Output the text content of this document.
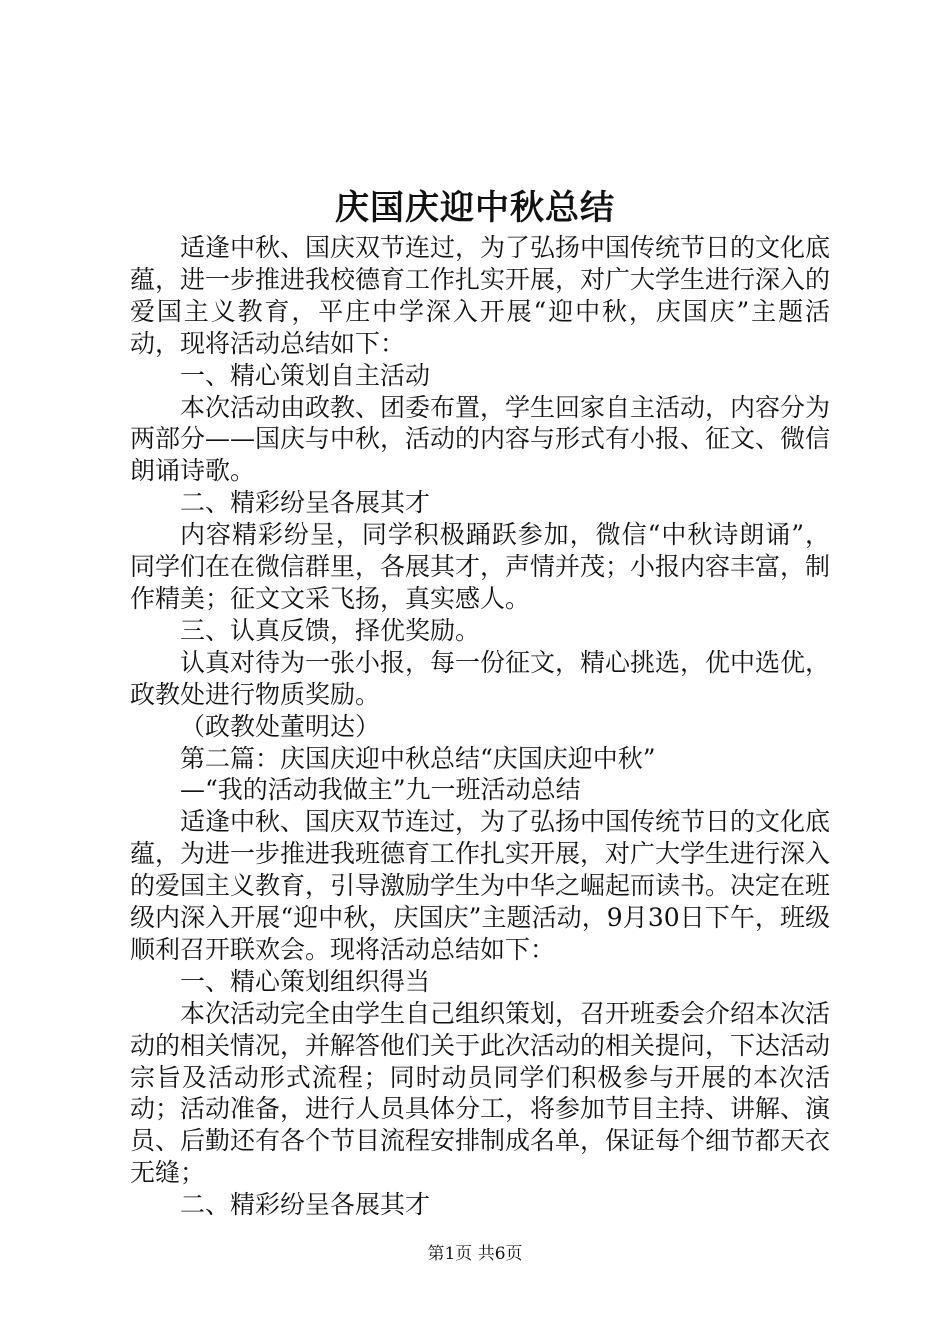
庆国庆迎中秋总结

适逢中秋、国庆双节连过，为了弘扬中国传统节日的文化底蕴，进一步推进我校德育工作扎实开展，对广大学生进行深入的爱国主义教育，平庄中学深入开展“迎中秋，庆国庆”主题活动，现将活动总结如下：

一、精心策划自主活动

本次活动由政教、团委布置，学生回家自主活动，内容分为两部分——国庆与中秋，活动的内容与形式有小报、征文、微信朗诵诗歌。

二、精彩纷呈各展其才

内容精彩纷呈，同学积极踊跃参加，微信“中秋诗朗诵”，同学们在在微信群里，各展其才，声情并茂；小报内容丰富，制作精美；征文文采飞扬，真实感人。

三、认真反馈，择优奖励。

认真对待为一张小报，每一份征文，精心挑选，优中选优，政教处进行物质奖励。

（政教处董明达）

第二篇：庆国庆迎中秋总结“庆国庆迎中秋”

—“我的活动我做主”九一班活动总结

适逢中秋、国庆双节连过，为了弘扬中国传统节日的文化底蕴，为进一步推进我班德育工作扎实开展，对广大学生进行深入的爱国主义教育，引导激励学生为中华之崛起而读书。决定在班级内深入开展“迎中秋，庆国庆”主题活动，9月30日下午，班级顺利召开联欢会。现将活动总结如下：

一、精心策划组织得当

本次活动完全由学生自己组织策划，召开班委会介绍本次活动的相关情况，并解答他们关于此次活动的相关提问，下达活动宗旨及活动形式流程；同时动员同学们积极参与开展的本次活动；活动准备，进行人员具体分工，将参加节目主持、讲解、演员、后勤还有各个节目流程安排制成名单，保证每个细节都天衣无缝；

二、精彩纷呈各展其才

第1页 共6页
